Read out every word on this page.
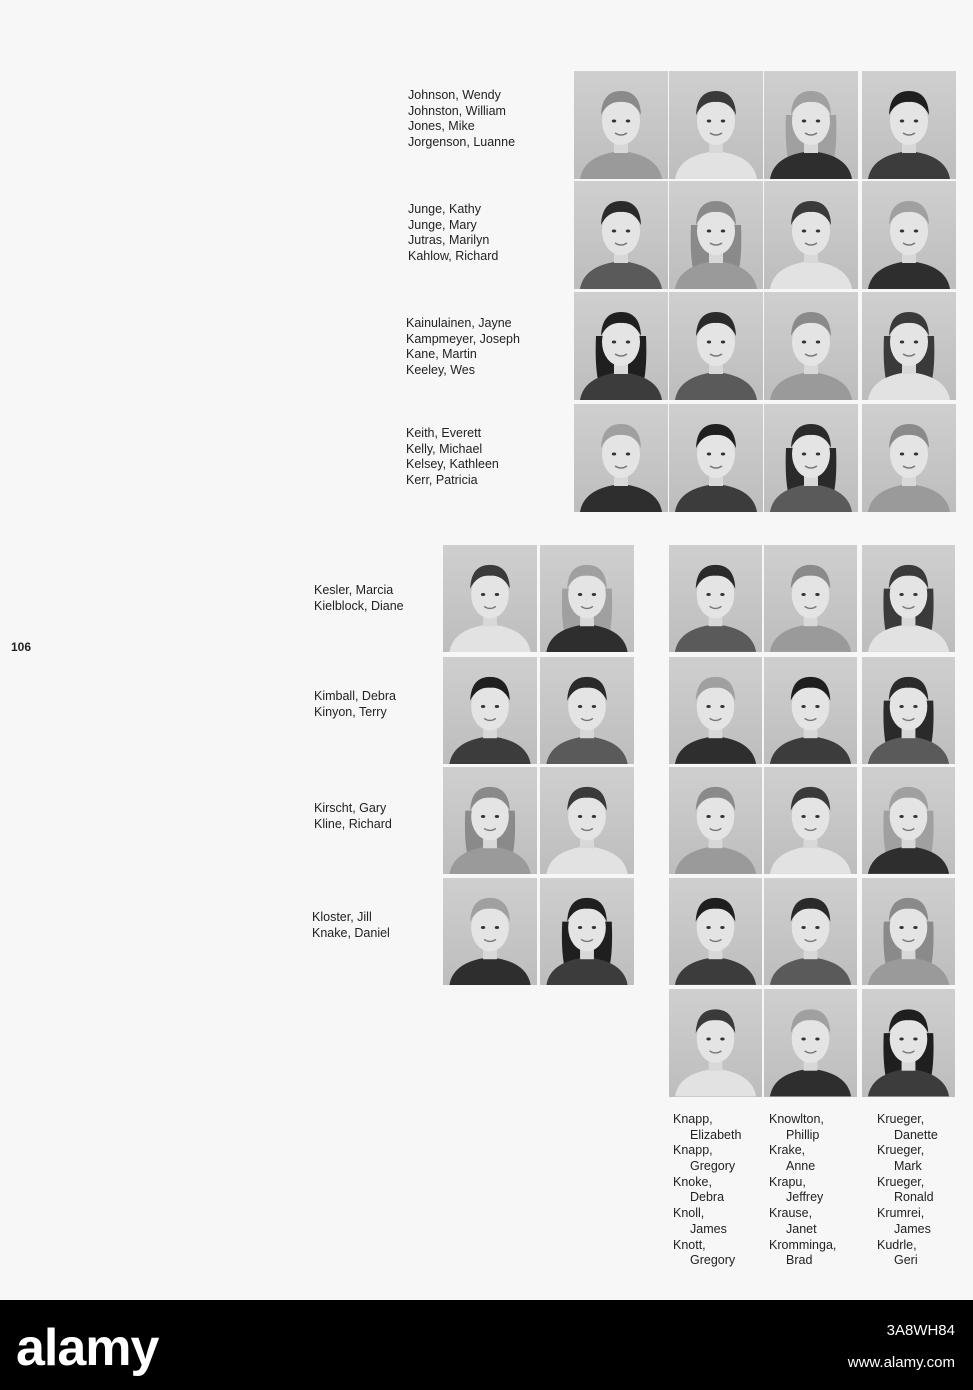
106
Johnson, Wendy
Johnston, William
Jones, Mike
Jorgenson, Luanne
Junge, Kathy
Junge, Mary
Jutras, Marilyn
Kahlow, Richard
Kainulainen, Jayne
Kampmeyer, Joseph
Kane, Martin
Keeley, Wes
Keith, Everett
Kelly, Michael
Kelsey, Kathleen
Kerr, Patricia
Kesler, Marcia
Kielblock, Diane
Kimball, Debra
Kinyon, Terry
Kirscht, Gary
Kline, Richard
Kloster, Jill
Knake, Daniel
Knapp,
Elizabeth
Knapp,
Gregory
Knoke,
Debra
Knoll,
James
Knott,
Gregory
Knowlton,
Phillip
Krake,
Anne
Krapu,
Jeffrey
Krause,
Janet
Kromminga,
Brad
Krueger,
Danette
Krueger,
Mark
Krueger,
Ronald
Krumrei,
James
Kudrle,
Geri
alamy	3A8WH84
www.alamy.com
